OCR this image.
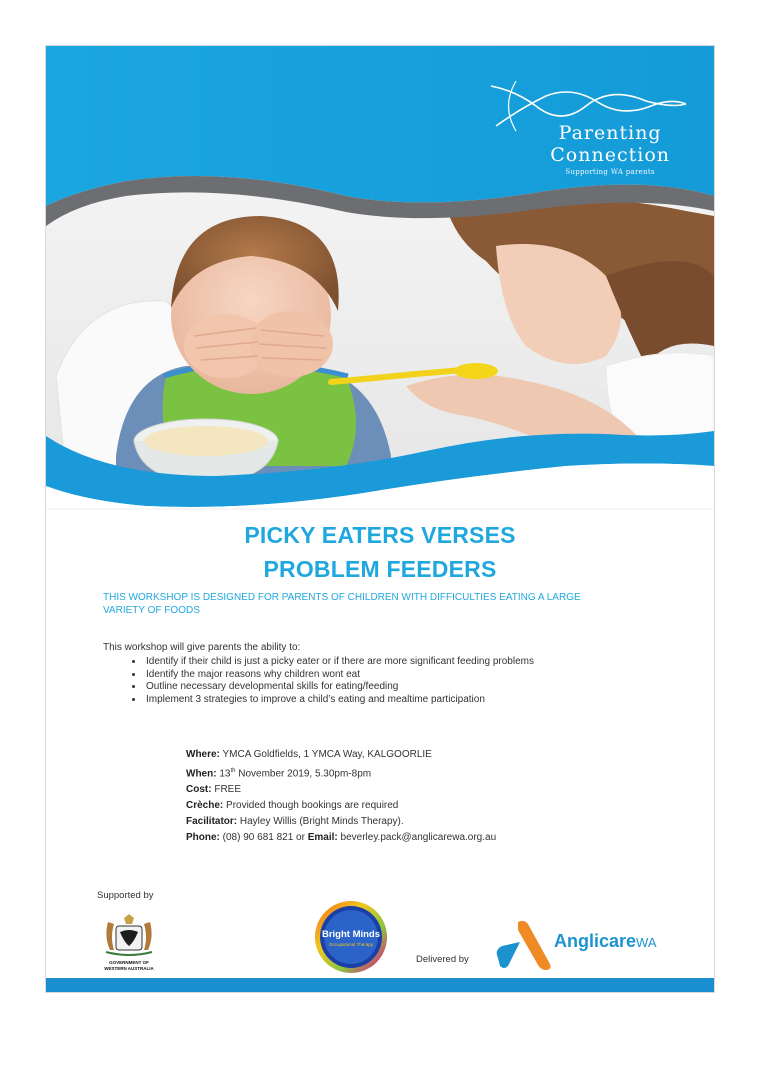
Parenting
Connection
Supporting WA parents
PICKY EATERS VERSES
PROBLEM FEEDERS
THIS WORKSHOP IS DESIGNED FOR PARENTS OF CHILDREN WITH DIFFICULTIES EATING A LARGE VARIETY OF FOODS
This workshop will give parents the ability to:
• Identify if their child is just a picky eater or if there are more significant feeding problems
• Identify the major reasons why children wont eat
• Outline necessary developmental skills for eating/feeding
• Implement 3 strategies to improve a child’s eating and mealtime participation
Where: YMCA Goldfields, 1 YMCA Way, KALGOORLIE
When: 13th November 2019, 5.30pm-8pm
Cost: FREE
Crèche: Provided though bookings are required
Facilitator: Hayley Willis (Bright Minds Therapy).
Phone: (08) 90 681 821 or Email: beverley.pack@anglicarewa.org.au
Supported by
GOVERNMENT OF
WESTERN AUSTRALIA
Bright Minds
Occupational Therapy
Delivered by
AnglicareWA
